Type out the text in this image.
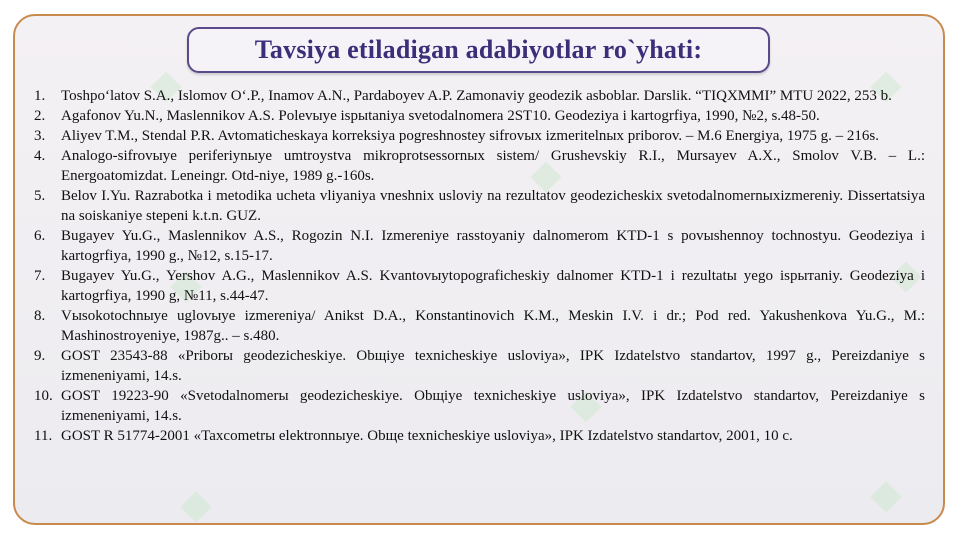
Tavsiya etiladigan adabiyotlar ro`yhati:
1.	Toshpo‘latov S.A., Islomov O‘.P., Inamov A.N., Pardaboyev A.P. Zamonaviy geodezik asboblar. Darslik. “TIQXMMI” MTU 2022, 253 b.
2.	Agafonov Yu.N., Maslennikov A.S. Polevыye ispыtaniya svetodalnomera 2ST10. Geodeziya i kartogrfiya, 1990, №2, s.48-50.
3.	Aliyev T.M., Stendal P.R. Avtomaticheskaya korreksiya pogreshnostey sifrovыx izmeritelnыx priborov. – M.6 Energiya, 1975 g. – 216s.
4.	Analogo-sifrovыye periferiynыye umtroystva mikroprotsessornыx sistem/ Grushevskiy R.I., Mursayev A.X., Smolov V.B. – L.: Energoatomizdat. Leneingr. Otd-niye, 1989 g.-160s.
5.	Belov I.Yu. Razrabotka i metodika ucheta vliyaniya vneshnix usloviy na rezultatov geodezicheskix svetodalnomernыxizmereniy. Dissertatsiya na soiskaniye stepeni k.t.n. GUZ.
6.	Bugayev Yu.G., Maslennikov A.S., Rogozin N.I. Izmereniye rasstoyaniy dalnomerom KTD-1 s povыshennoy tochnostyu. Geodeziya i kartogrfiya, 1990 g., №12, s.15-17.
7.	Bugayev Yu.G., Yershov A.G., Maslennikov A.S. Kvantovыytopograficheskiy dalnomer KTD-1 i rezultatы yego ispытaniy. Geodeziya i kartogrfiya, 1990 g, №11, s.44-47.
8.	Vыsokotochnыye uglovыye izmereniya/ Anikst D.A., Konstantinovich K.M., Meskin I.V. i dr.; Pod red. Yakushenkova Yu.G., M.: Mashinostroyeniye, 1987g.. – s.480.
9.	GOST 23543-88 «Priborы geodezicheskiye. Obщiye texnicheskiye usloviya», IPK Izdatelstvo standartov, 1997 g., Pereizdaniye s izmeneniyami, 14.s.
10. GOST 19223-90 «Svetodalnomerы geodezicheskiye. Obщiye texnicheskiye usloviya», IPK Izdatelstvo standartov, Pereizdaniye s izmeneniyami, 14.s.
11. GOST R 51774-2001 «Taxcometrы elektronnыye. Obщe texnicheskiye usloviya», IPK Izdatelstvo standartov, 2001, 10 c.
